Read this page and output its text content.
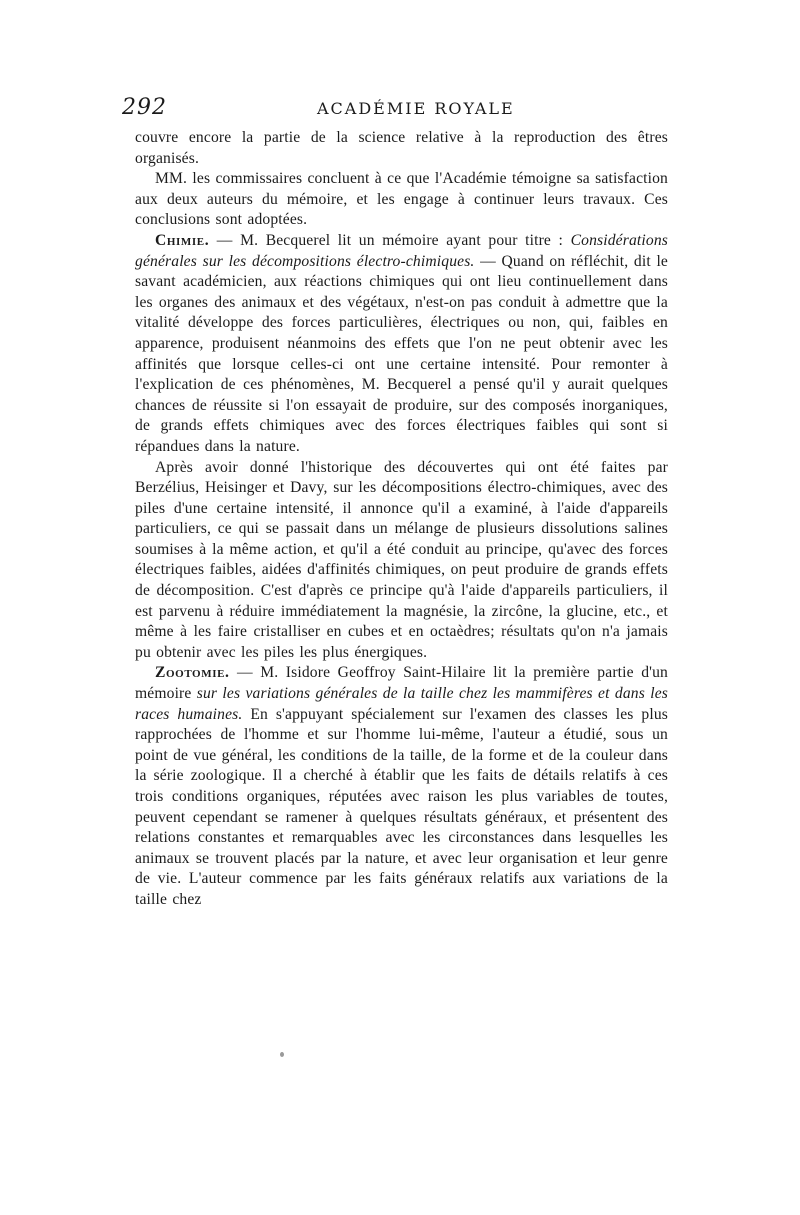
292	ACADÉMIE ROYALE

couvre encore la partie de la science relative à la reproduction des êtres organisés.

MM. les commissaires concluent à ce que l'Académie témoigne sa satisfaction aux deux auteurs du mémoire, et les engage à continuer leurs travaux. Ces conclusions sont adoptées.

Chimie. — M. Becquerel lit un mémoire ayant pour titre : Considérations générales sur les décompositions électro-chimiques. — Quand on réfléchit, dit le savant académicien, aux réactions chimiques qui ont lieu continuellement dans les organes des animaux et des végétaux, n'est-on pas conduit à admettre que la vitalité développe des forces particulières, électriques ou non, qui, faibles en apparence, produisent néanmoins des effets que l'on ne peut obtenir avec les affinités que lorsque celles-ci ont une certaine intensité. Pour remonter à l'explication de ces phénomènes, M. Becquerel a pensé qu'il y aurait quelques chances de réussite si l'on essayait de produire, sur des composés inorganiques, de grands effets chimiques avec des forces électriques faibles qui sont si répandues dans la nature.

Après avoir donné l'historique des découvertes qui ont été faites par Berzélius, Heisinger et Davy, sur les décompositions électro-chimiques, avec des piles d'une certaine intensité, il annonce qu'il a examiné, à l'aide d'appareils particuliers, ce qui se passait dans un mélange de plusieurs dissolutions salines soumises à la même action, et qu'il a été conduit au principe, qu'avec des forces électriques faibles, aidées d'affinités chimiques, on peut produire de grands effets de décomposition. C'est d'après ce principe qu'à l'aide d'appareils particuliers, il est parvenu à réduire immédiatement la magnésie, la zircône, la glucine, etc., et même à les faire cristalliser en cubes et en octaèdres; résultats qu'on n'a jamais pu obtenir avec les piles les plus énergiques.

Zootomie. — M. Isidore Geoffroy Saint-Hilaire lit la première partie d'un mémoire sur les variations générales de la taille chez les mammifères et dans les races humaines. En s'appuyant spécialement sur l'examen des classes les plus rapprochées de l'homme et sur l'homme lui-même, l'auteur a étudié, sous un point de vue général, les conditions de la taille, de la forme et de la couleur dans la série zoologique. Il a cherché à établir que les faits de détails relatifs à ces trois conditions organiques, réputées avec raison les plus variables de toutes, peuvent cependant se ramener à quelques résultats généraux, et présentent des relations constantes et remarquables avec les circonstances dans lesquelles les animaux se trouvent placés par la nature, et avec leur organisation et leur genre de vie. L'auteur commence par les faits généraux relatifs aux variations de la taille chez
